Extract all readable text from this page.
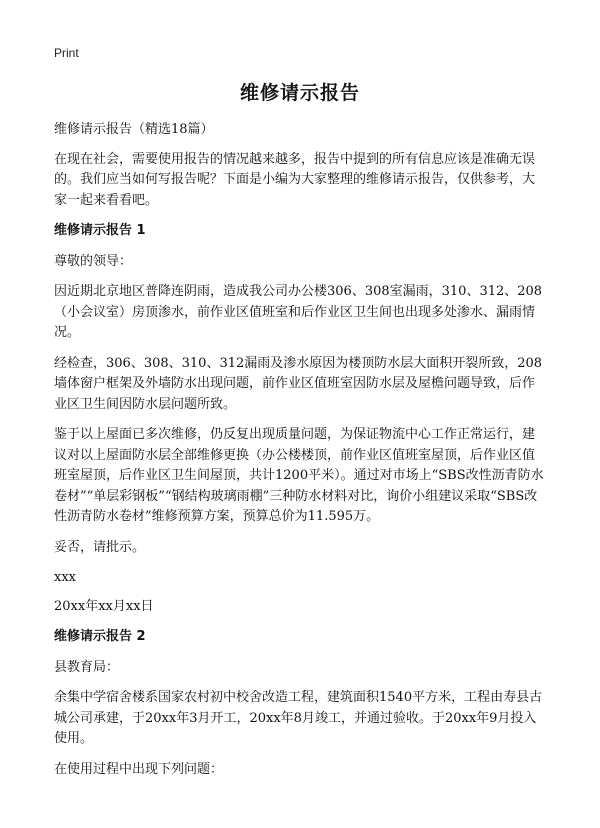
Print
维修请示报告

维修请示报告（精选18篇）

在现在社会，需要使用报告的情况越来越多，报告中提到的所有信息应该是准确无误的。我们应当如何写报告呢？下面是小编为大家整理的维修请示报告，仅供参考，大家一起来看看吧。

维修请示报告 1

尊敬的领导：

因近期北京地区普降连阴雨，造成我公司办公楼306、308室漏雨，310、312、208（小会议室）房顶渗水，前作业区值班室和后作业区卫生间也出现多处渗水、漏雨情况。

经检查，306、308、310、312漏雨及渗水原因为楼顶防水层大面积开裂所致，208墙体窗户框架及外墙防水出现问题，前作业区值班室因防水层及屋檐问题导致，后作业区卫生间因防水层问题所致。

鉴于以上屋面已多次维修，仍反复出现质量问题，为保证物流中心工作正常运行，建议对以上屋面防水层全部维修更换（办公楼楼顶，前作业区值班室屋顶，后作业区值班室屋顶，后作业区卫生间屋顶，共计1200平米）。通过对市场上“SBS改性沥青防水卷材”“单层彩钢板”“钢结构玻璃雨棚”三种防水材料对比，询价小组建议采取“SBS改性沥青防水卷材”维修预算方案，预算总价为11.595万。

妥否，请批示。

xxx

20xx年xx月xx日

维修请示报告 2

县教育局：

余集中学宿舍楼系国家农村初中校舍改造工程，建筑面积1540平方米，工程由寿县古城公司承建，于20xx年3月开工，20xx年8月竣工，并通过验收。于20xx年9月投入使用。

在使用过程中出现下列问题：
